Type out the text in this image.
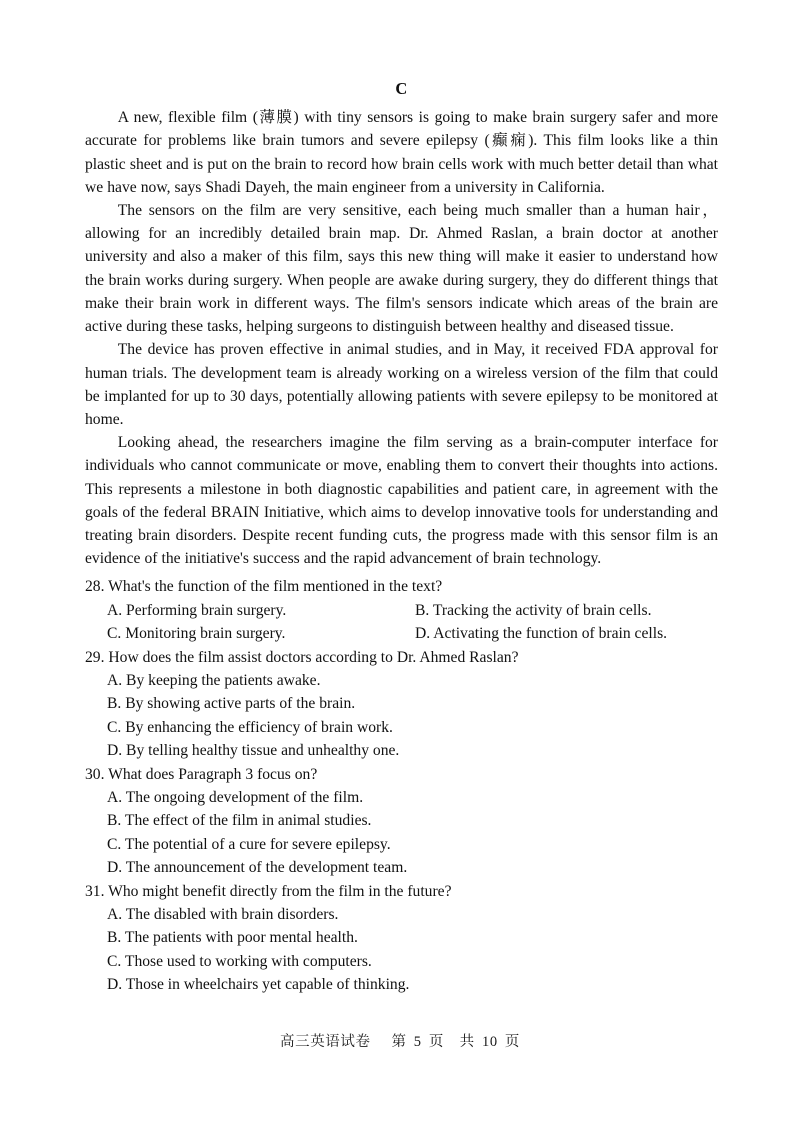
C

A new, flexible film (薄膜) with tiny sensors is going to make brain surgery safer and more accurate for problems like brain tumors and severe epilepsy (癫痫). This film looks like a thin plastic sheet and is put on the brain to record how brain cells work with much better detail than what we have now, says Shadi Dayeh, the main engineer from a university in California.

The sensors on the film are very sensitive, each being much smaller than a human hair，allowing for an incredibly detailed brain map. Dr. Ahmed Raslan, a brain doctor at another university and also a maker of this film, says this new thing will make it easier to understand how the brain works during surgery. When people are awake during surgery, they do different things that make their brain work in different ways. The film's sensors indicate which areas of the brain are active during these tasks, helping surgeons to distinguish between healthy and diseased tissue.

The device has proven effective in animal studies, and in May, it received FDA approval for human trials. The development team is already working on a wireless version of the film that could be implanted for up to 30 days, potentially allowing patients with severe epilepsy to be monitored at home.

Looking ahead, the researchers imagine the film serving as a brain-computer interface for individuals who cannot communicate or move, enabling them to convert their thoughts into actions. This represents a milestone in both diagnostic capabilities and patient care, in agreement with the goals of the federal BRAIN Initiative, which aims to develop innovative tools for understanding and treating brain disorders. Despite recent funding cuts, the progress made with this sensor film is an evidence of the initiative's success and the rapid advancement of brain technology.

28. What's the function of the film mentioned in the text?
A. Performing brain surgery.	B. Tracking the activity of brain cells.
C. Monitoring brain surgery.	D. Activating the function of brain cells.
29. How does the film assist doctors according to Dr. Ahmed Raslan?
A. By keeping the patients awake.
B. By showing active parts of the brain.
C. By enhancing the efficiency of brain work.
D. By telling healthy tissue and unhealthy one.
30. What does Paragraph 3 focus on?
A. The ongoing development of the film.
B. The effect of the film in animal studies.
C. The potential of a cure for severe epilepsy.
D. The announcement of the development team.
31. Who might benefit directly from the film in the future?
A. The disabled with brain disorders.
B. The patients with poor mental health.
C. Those used to working with computers.
D. Those in wheelchairs yet capable of thinking.
高三英语试卷 第 5 页 共 10 页
